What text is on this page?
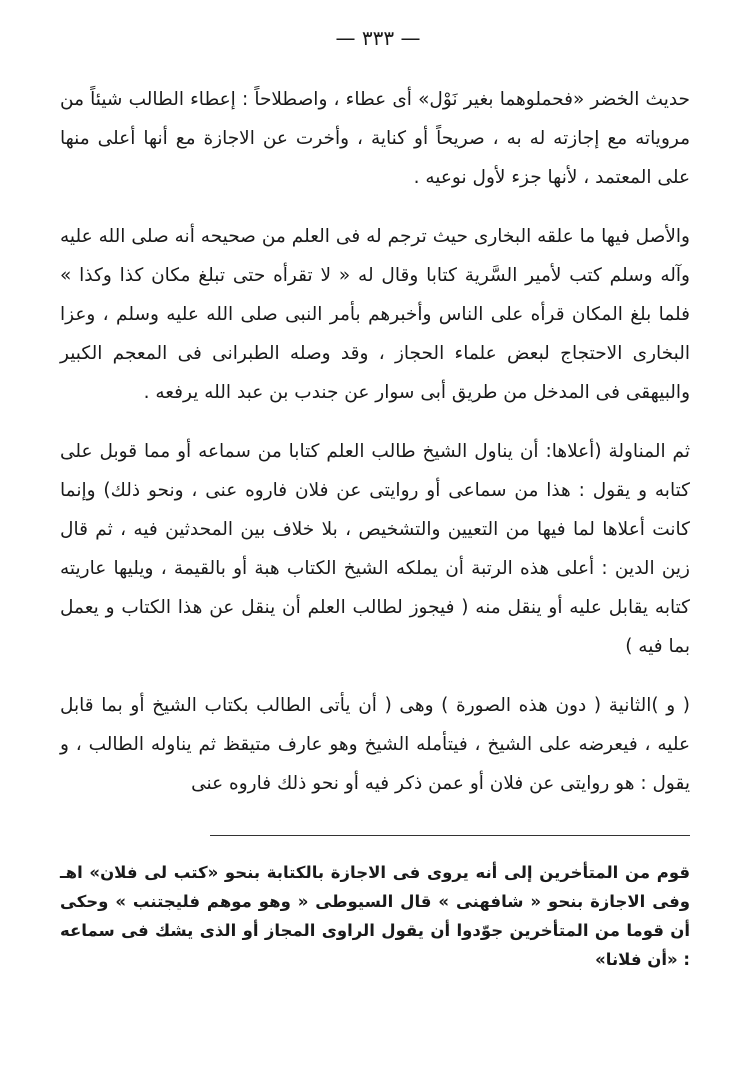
— ٣٣٣ —

حديث الخضر «فحملوهما بغير نَوْل» أى عطاء ، واصطلاحاً : إعطاء الطالب شيئاً من مروياته مع إجازته له به ، صريحاً أو كناية ، وأخرت عن الاجازة مع أنها أعلى منها على المعتمد ، لأنها جزء لأول نوعيه .

والأصل فيها ما علقه البخارى حيث ترجم له فى العلم من صحيحه أنه صلى الله عليه وآله وسلم كتب لأمير السَّرية كتابا وقال له « لا تقرأه حتى تبلغ مكان كذا وكذا » فلما بلغ المكان قرأه على الناس وأخبرهم بأمر النبى صلى الله عليه وسلم ، وعزا البخارى الاحتجاج لبعض علماء الحجاز ، وقد وصله الطبرانى فى المعجم الكبير والبيهقى فى المدخل من طريق أبى سوار عن جندب بن عبد الله يرفعه .

ثم المناولة (أعلاها: أن يناول الشيخ طالب العلم كتابا من سماعه أو مما قوبل على كتابه و يقول : هذا من سماعى أو روايتى عن فلان فاروه عنى ، ونحو ذلك) وإنما كانت أعلاها لما فيها من التعيين والتشخيص ، بلا خلاف بين المحدثين فيه ، ثم قال زين الدين : أعلى هذه الرتبة أن يملكه الشيخ الكتاب هبة أو بالقيمة ، ويليها عاريته كتابه يقابل عليه أو ينقل منه ( فيجوز لطالب العلم أن ينقل عن هذا الكتاب و يعمل بما فيه )

( و )الثانية ( دون هذه الصورة ) وهى ( أن يأتى الطالب بكتاب الشيخ أو بما قابل عليه ، فيعرضه على الشيخ ، فيتأمله الشيخ وهو عارف متيقظ ثم يناوله الطالب ، و يقول : هو روايتى عن فلان أو عمن ذكر فيه أو نحو ذلك فاروه عنى

قوم من المتأخرين إلى أنه يروى فى الاجازة بالكتابة بنحو «كتب لى فلان» اهـ وفى الاجازة بنحو « شافهنى » قال السيوطى « وهو موهم فليجتنب » وحكى أن قوما من المتأخرين جوّدوا أن يقول الراوى المجاز أو الذى يشك فى سماعه : «أن فلانا»
